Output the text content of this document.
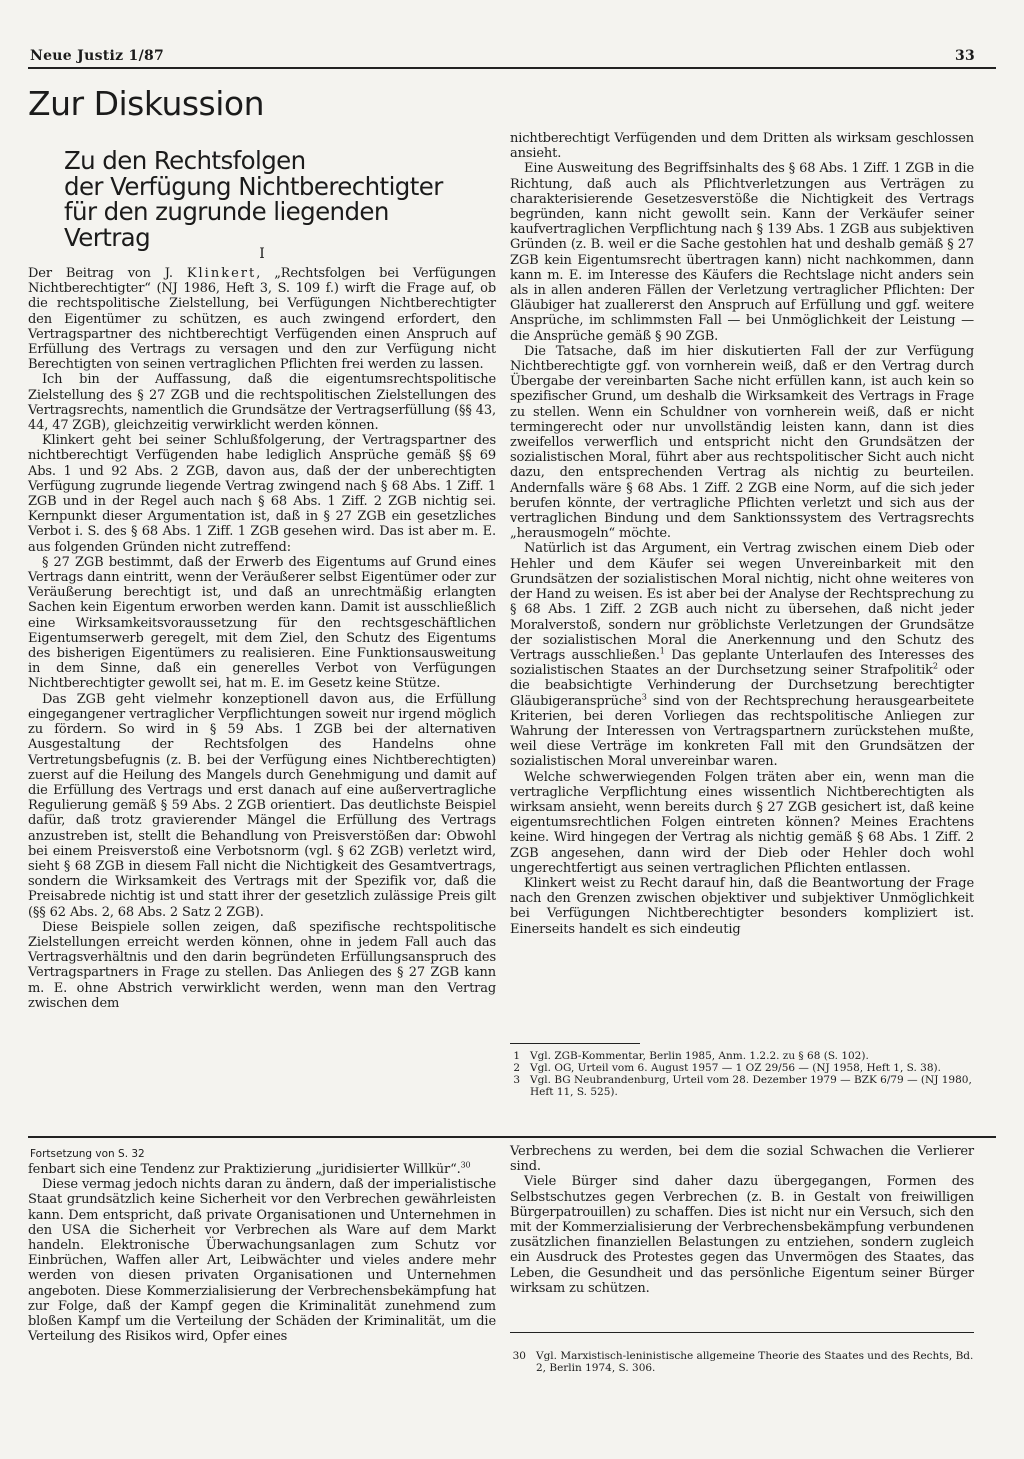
Neue Justiz 1/87	33
Zur Diskussion
Zu den Rechtsfolgen
der Verfügung Nichtberechtigter
für den zugrunde liegenden Vertrag
I

Der Beitrag von J. Klinkert, „Rechtsfolgen bei Verfügungen Nichtberechtigter“ (NJ 1986, Heft 3, S. 109 f.) wirft die Frage auf, ob die rechtspolitische Zielstellung, bei Verfügungen Nichtberechtigter den Eigentümer zu schützen, es auch zwingend erfordert, den Vertragspartner des nichtberechtigt Verfügenden einen Anspruch auf Erfüllung des Vertrags zu versagen und den zur Verfügung nicht Berechtigten von seinen vertraglichen Pflichten frei werden zu lassen.

Ich bin der Auffassung, daß die eigentumsrechtspolitische Zielstellung des § 27 ZGB und die rechtspolitischen Zielstellungen des Vertragsrechts, namentlich die Grundsätze der Vertragserfüllung (§§ 43, 44, 47 ZGB), gleichzeitig verwirklicht werden können.

Klinkert geht bei seiner Schlußfolgerung, der Vertragspartner des nichtberechtigt Verfügenden habe lediglich Ansprüche gemäß §§ 69 Abs. 1 und 92 Abs. 2 ZGB, davon aus, daß der der unberechtigten Verfügung zugrunde liegende Vertrag zwingend nach § 68 Abs. 1 Ziff. 1 ZGB und in der Regel auch nach § 68 Abs. 1 Ziff. 2 ZGB nichtig sei. Kernpunkt dieser Argumentation ist, daß in § 27 ZGB ein gesetzliches Verbot i. S. des § 68 Abs. 1 Ziff. 1 ZGB gesehen wird. Das ist aber m. E. aus folgenden Gründen nicht zutreffend:

§ 27 ZGB bestimmt, daß der Erwerb des Eigentums auf Grund eines Vertrags dann eintritt, wenn der Veräußerer selbst Eigentümer oder zur Veräußerung berechtigt ist, und daß an unrechtmäßig erlangten Sachen kein Eigentum erworben werden kann. Damit ist ausschließlich eine Wirksamkeitsvoraussetzung für den rechtsgeschäftlichen Eigentumserwerb geregelt, mit dem Ziel, den Schutz des Eigentums des bisherigen Eigentümers zu realisieren. Eine Funktionsausweitung in dem Sinne, daß ein generelles Verbot von Verfügungen Nichtberechtigter gewollt sei, hat m. E. im Gesetz keine Stütze.

Das ZGB geht vielmehr konzeptionell davon aus, die Erfüllung eingegangener vertraglicher Verpflichtungen soweit nur irgend möglich zu fördern. So wird in § 59 Abs. 1 ZGB bei der alternativen Ausgestaltung der Rechtsfolgen des Handelns ohne Vertretungsbefugnis (z. B. bei der Verfügung eines Nichtberechtigten) zuerst auf die Heilung des Mangels durch Genehmigung und damit auf die Erfüllung des Vertrags und erst danach auf eine außervertragliche Regulierung gemäß § 59 Abs. 2 ZGB orientiert. Das deutlichste Beispiel dafür, daß trotz gravierender Mängel die Erfüllung des Vertrags anzustreben ist, stellt die Behandlung von Preisverstößen dar: Obwohl bei einem Preisverstoß eine Verbotsnorm (vgl. § 62 ZGB) verletzt wird, sieht § 68 ZGB in diesem Fall nicht die Nichtigkeit des Gesamtvertrags, sondern die Wirksamkeit des Vertrags mit der Spezifik vor, daß die Preisabrede nichtig ist und statt ihrer der gesetzlich zulässige Preis gilt (§§ 62 Abs. 2, 68 Abs. 2 Satz 2 ZGB).

Diese Beispiele sollen zeigen, daß spezifische rechtspolitische Zielstellungen erreicht werden können, ohne in jedem Fall auch das Vertragsverhältnis und den darin begründeten Erfüllungsanspruch des Vertragspartners in Frage zu stellen. Das Anliegen des § 27 ZGB kann m. E. ohne Abstrich verwirklicht werden, wenn man den Vertrag zwischen dem

nichtberechtigt Verfügenden und dem Dritten als wirksam geschlossen ansieht.

Eine Ausweitung des Begriffsinhalts des § 68 Abs. 1 Ziff. 1 ZGB in die Richtung, daß auch als Pflichtverletzungen aus Verträgen zu charakterisierende Gesetzesverstöße die Nichtigkeit des Vertrags begründen, kann nicht gewollt sein. Kann der Verkäufer seiner kaufvertraglichen Verpflichtung nach § 139 Abs. 1 ZGB aus subjektiven Gründen (z. B. weil er die Sache gestohlen hat und deshalb gemäß § 27 ZGB kein Eigentumsrecht übertragen kann) nicht nachkommen, dann kann m. E. im Interesse des Käufers die Rechtslage nicht anders sein als in allen anderen Fällen der Verletzung vertraglicher Pflichten: Der Gläubiger hat zuallererst den Anspruch auf Erfüllung und ggf. weitere Ansprüche, im schlimmsten Fall — bei Unmöglichkeit der Leistung — die Ansprüche gemäß § 90 ZGB.

Die Tatsache, daß im hier diskutierten Fall der zur Verfügung Nichtberechtigte ggf. von vornherein weiß, daß er den Vertrag durch Übergabe der vereinbarten Sache nicht erfüllen kann, ist auch kein so spezifischer Grund, um deshalb die Wirksamkeit des Vertrags in Frage zu stellen. Wenn ein Schuldner von vornherein weiß, daß er nicht termingerecht oder nur unvollständig leisten kann, dann ist dies zweifellos verwerflich und entspricht nicht den Grundsätzen der sozialistischen Moral, führt aber aus rechtspolitischer Sicht auch nicht dazu, den entsprechenden Vertrag als nichtig zu beurteilen. Andernfalls wäre § 68 Abs. 1 Ziff. 2 ZGB eine Norm, auf die sich jeder berufen könnte, der vertragliche Pflichten verletzt und sich aus der vertraglichen Bindung und dem Sanktionssystem des Vertragsrechts „herausmogeln“ möchte.

Natürlich ist das Argument, ein Vertrag zwischen einem Dieb oder Hehler und dem Käufer sei wegen Unvereinbarkeit mit den Grundsätzen der sozialistischen Moral nichtig, nicht ohne weiteres von der Hand zu weisen. Es ist aber bei der Analyse der Rechtsprechung zu § 68 Abs. 1 Ziff. 2 ZGB auch nicht zu übersehen, daß nicht jeder Moralverstoß, sondern nur gröblichste Verletzungen der Grundsätze der sozialistischen Moral die Anerkennung und den Schutz des Vertrags ausschließen.$^1$ Das geplante Unterlaufen des Interesses des sozialistischen Staates an der Durchsetzung seiner Strafpolitik$^2$ oder die beabsichtigte Verhinderung der Durchsetzung berechtigter Gläubigeransprüche$^3$ sind von der Rechtsprechung herausgearbeitete Kriterien, bei deren Vorliegen das rechtspolitische Anliegen zur Wahrung der Interessen von Vertragspartnern zurückstehen mußte, weil diese Verträge im konkreten Fall mit den Grundsätzen der sozialistischen Moral unvereinbar waren.

Welche schwerwiegenden Folgen träten aber ein, wenn man die vertragliche Verpflichtung eines wissentlich Nichtberechtigten als wirksam ansieht, wenn bereits durch § 27 ZGB gesichert ist, daß keine eigentumsrechtlichen Folgen eintreten können? Meines Erachtens keine. Wird hingegen der Vertrag als nichtig gemäß § 68 Abs. 1 Ziff. 2 ZGB angesehen, dann wird der Dieb oder Hehler doch wohl ungerechtfertigt aus seinen vertraglichen Pflichten entlassen.

Klinkert weist zu Recht darauf hin, daß die Beantwortung der Frage nach den Grenzen zwischen objektiver und subjektiver Unmöglichkeit bei Verfügungen Nichtberechtigter besonders kompliziert ist. Einerseits handelt es sich eindeutig

1 Vgl. ZGB-Kommentar, Berlin 1985, Anm. 1.2.2. zu § 68 (S. 102).
2 Vgl. OG, Urteil vom 6. August 1957 — 1 OZ 29/56 — (NJ 1958, Heft 1, S. 38).
3 Vgl. BG Neubrandenburg, Urteil vom 28. Dezember 1979 — BZK 6/79 — (NJ 1980, Heft 11, S. 525).
Fortsetzung von S. 32

fenbart sich eine Tendenz zur Praktizierung „juridisierter Willkür“.$^{30}$

Diese vermag jedoch nichts daran zu ändern, daß der imperialistische Staat grundsätzlich keine Sicherheit vor den Verbrechen gewährleisten kann. Dem entspricht, daß private Organisationen und Unternehmen in den USA die Sicherheit vor Verbrechen als Ware auf dem Markt handeln. Elektronische Überwachungsanlagen zum Schutz vor Einbrüchen, Waffen aller Art, Leibwächter und vieles andere mehr werden von diesen privaten Organisationen und Unternehmen angeboten. Diese Kommerzialisierung der Verbrechensbekämpfung hat zur Folge, daß der Kampf gegen die Kriminalität zunehmend zum bloßen Kampf um die Verteilung der Schäden der Kriminalität, um die Verteilung des Risikos wird, Opfer eines

Verbrechens zu werden, bei dem die sozial Schwachen die Verlierer sind.

Viele Bürger sind daher dazu übergegangen, Formen des Selbstschutzes gegen Verbrechen (z. B. in Gestalt von freiwilligen Bürgerpatrouillen) zu schaffen. Dies ist nicht nur ein Versuch, sich den mit der Kommerzialisierung der Verbrechensbekämpfung verbundenen zusätzlichen finanziellen Belastungen zu entziehen, sondern zugleich ein Ausdruck des Protestes gegen das Unvermögen des Staates, das Leben, die Gesundheit und das persönliche Eigentum seiner Bürger wirksam zu schützen.

30 Vgl. Marxistisch-leninistische allgemeine Theorie des Staates und des Rechts, Bd. 2, Berlin 1974, S. 306.
